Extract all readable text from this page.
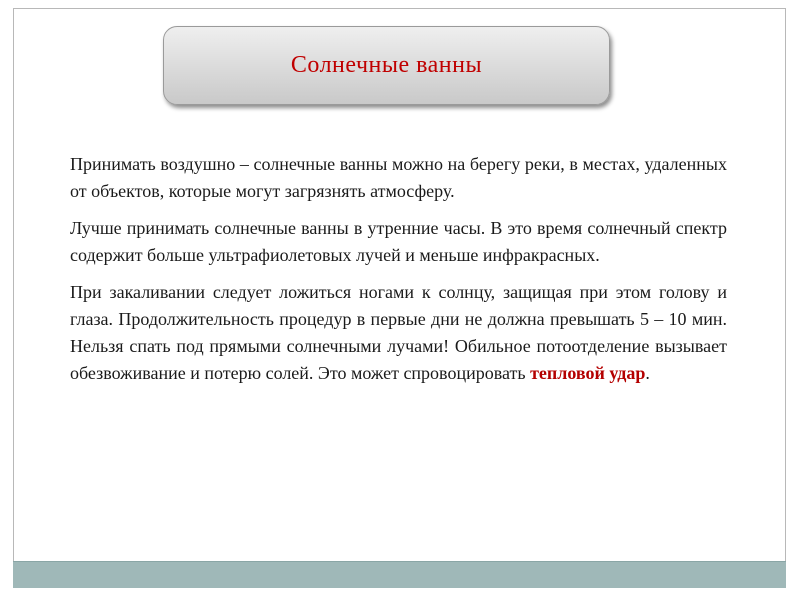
Солнечные ванны

Принимать воздушно – солнечные ванны можно на берегу реки, в местах, удаленных от объектов, которые могут загрязнять атмосферу.

Лучше принимать солнечные ванны в утренние часы. В это время солнечный спектр содержит больше ультрафиолетовых лучей и меньше инфракрасных.

При закаливании следует ложиться ногами к солнцу, защищая при этом голову и глаза. Продолжительность процедур в первые дни не должна превышать 5 – 10 мин. Нельзя спать под прямыми солнечными лучами! Обильное потоотделение вызывает обезвоживание и потерю солей. Это может спровоцировать тепловой удар.
